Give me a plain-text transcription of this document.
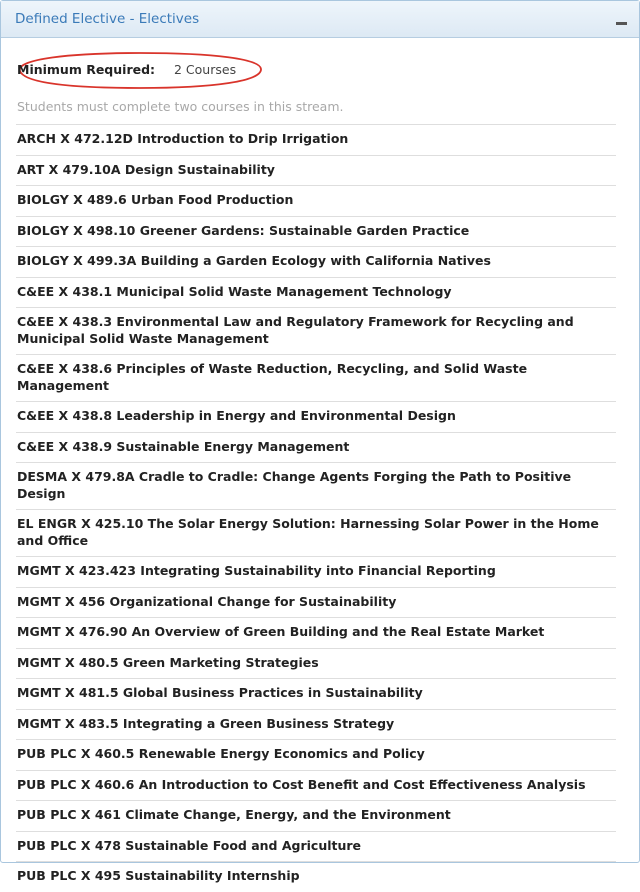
Defined Elective - Electives
Minimum Required: 2 Courses
Students must complete two courses in this stream.
ARCH X 472.12D Introduction to Drip Irrigation
ART X 479.10A Design Sustainability
BIOLGY X 489.6 Urban Food Production
BIOLGY X 498.10 Greener Gardens: Sustainable Garden Practice
BIOLGY X 499.3A Building a Garden Ecology with California Natives
C&EE X 438.1 Municipal Solid Waste Management Technology
C&EE X 438.3 Environmental Law and Regulatory Framework for Recycling and Municipal Solid Waste Management
C&EE X 438.6 Principles of Waste Reduction, Recycling, and Solid Waste Management
C&EE X 438.8 Leadership in Energy and Environmental Design
C&EE X 438.9 Sustainable Energy Management
DESMA X 479.8A Cradle to Cradle: Change Agents Forging the Path to Positive Design
EL ENGR X 425.10 The Solar Energy Solution: Harnessing Solar Power in the Home and Office
MGMT X 423.423 Integrating Sustainability into Financial Reporting
MGMT X 456 Organizational Change for Sustainability
MGMT X 476.90 An Overview of Green Building and the Real Estate Market
MGMT X 480.5 Green Marketing Strategies
MGMT X 481.5 Global Business Practices in Sustainability
MGMT X 483.5 Integrating a Green Business Strategy
PUB PLC X 460.5 Renewable Energy Economics and Policy
PUB PLC X 460.6 An Introduction to Cost Benefit and Cost Effectiveness Analysis
PUB PLC X 461 Climate Change, Energy, and the Environment
PUB PLC X 478 Sustainable Food and Agriculture
PUB PLC X 495 Sustainability Internship
